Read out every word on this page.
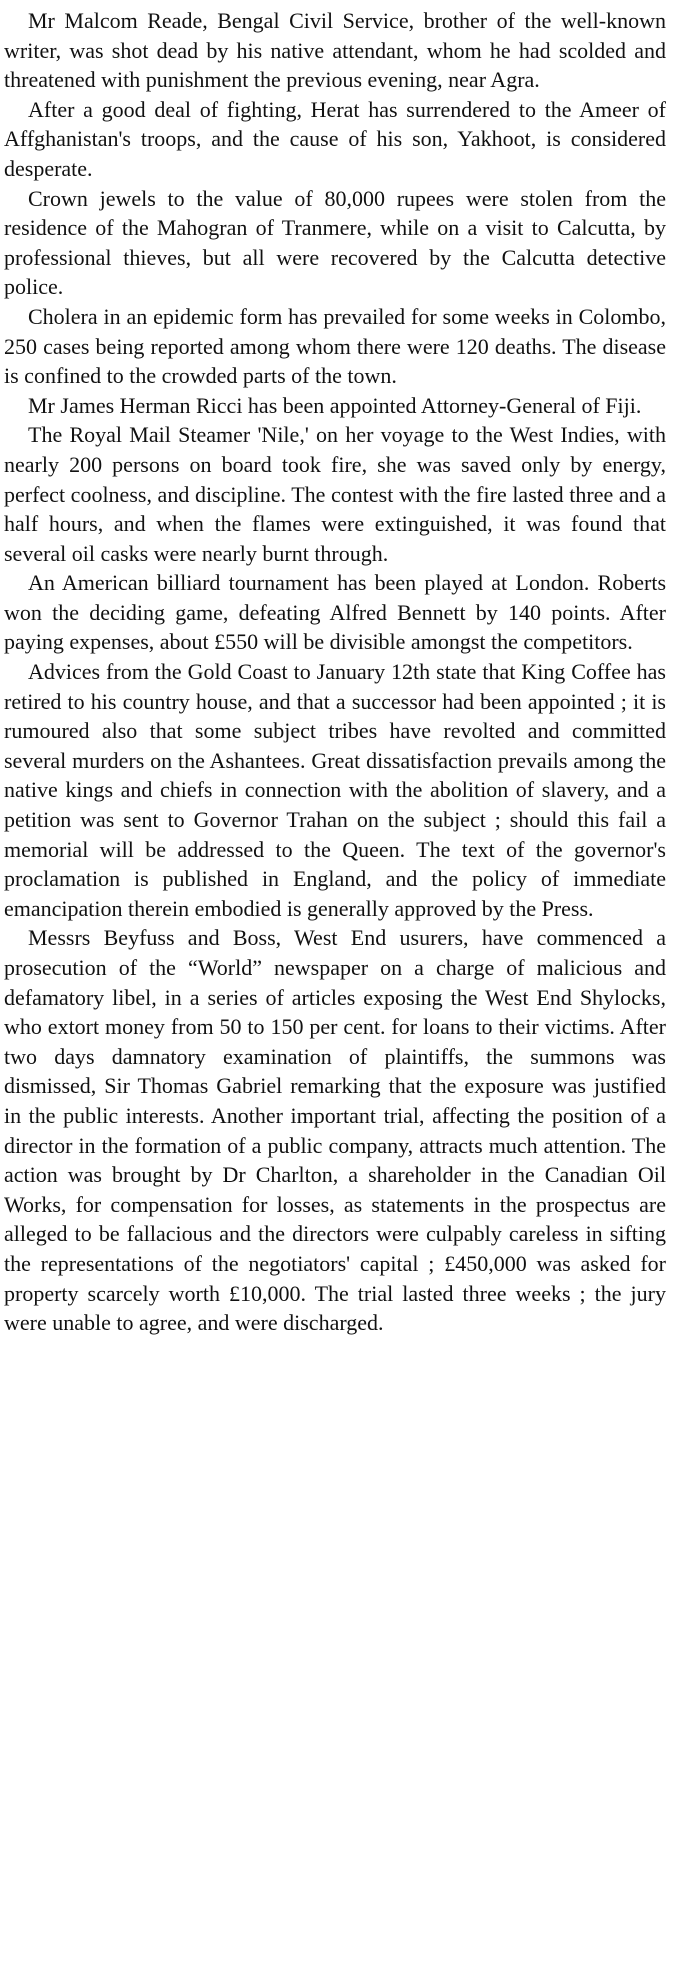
Mr Malcom Reade, Bengal Civil Service, brother of the well-known writer, was shot dead by his native attendant, whom he had scolded and threatened with punishment the previous evening, near Agra.

After a good deal of fighting, Herat has surrendered to the Ameer of Affghanistan's troops, and the cause of his son, Yakhoot, is considered desperate.

Crown jewels to the value of 80,000 rupees were stolen from the residence of the Mahogran of Tranmere, while on a visit to Calcutta, by professional thieves, but all were recovered by the Calcutta detective police.

Cholera in an epidemic form has prevailed for some weeks in Colombo, 250 cases being reported among whom there were 120 deaths. The disease is confined to the crowded parts of the town.

Mr James Herman Ricci has been appointed Attorney-General of Fiji.

The Royal Mail Steamer 'Nile,' on her voyage to the West Indies, with nearly 200 persons on board took fire, she was saved only by energy, perfect coolness, and discipline. The contest with the fire lasted three and a half hours, and when the flames were extinguished, it was found that several oil casks were nearly burnt through.

An American billiard tournament has been played at London. Roberts won the deciding game, defeating Alfred Bennett by 140 points. After paying expenses, about £550 will be divisible amongst the competitors.

Advices from the Gold Coast to January 12th state that King Coffee has retired to his country house, and that a successor had been appointed ; it is rumoured also that some subject tribes have revolted and committed several murders on the Ashantees. Great dissatisfaction prevails among the native kings and chiefs in connection with the abolition of slavery, and a petition was sent to Governor Trahan on the subject ; should this fail a memorial will be addressed to the Queen. The text of the governor's proclamation is published in England, and the policy of immediate emancipation therein embodied is generally approved by the Press.

Messrs Beyfuss and Boss, West End usurers, have commenced a prosecution of the “World” newspaper on a charge of malicious and defamatory libel, in a series of articles exposing the West End Shylocks, who extort money from 50 to 150 per cent. for loans to their victims. After two days damnatory examination of plaintiffs, the summons was dismissed, Sir Thomas Gabriel remarking that the exposure was justified in the public interests. Another important trial, affecting the position of a director in the formation of a public company, attracts much attention. The action was brought by Dr Charlton, a shareholder in the Canadian Oil Works, for compensation for losses, as statements in the prospectus are alleged to be fallacious and the directors were culpably careless in sifting the representations of the negotiators' capital ; £450,000 was asked for property scarcely worth £10,000. The trial lasted three weeks ; the jury were unable to agree, and were discharged.
